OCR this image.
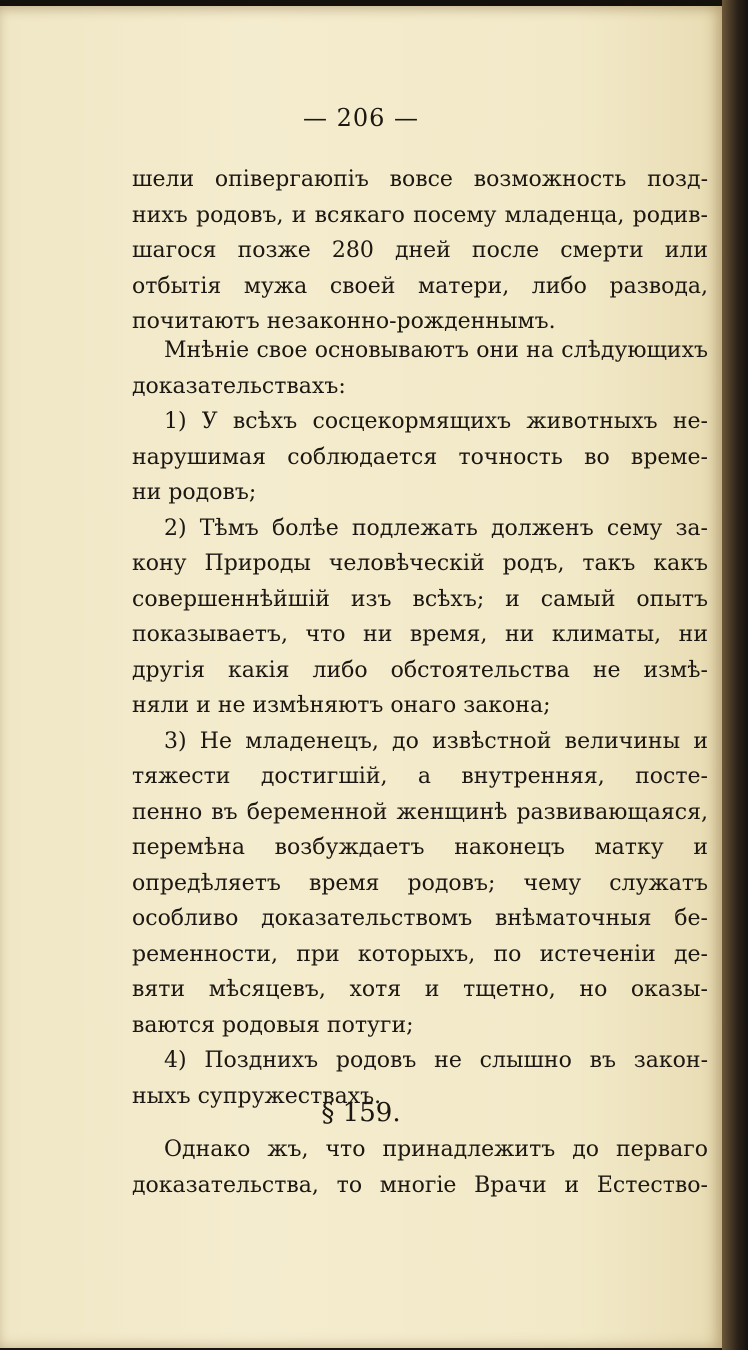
— 206 —
шели опівергаюпіъ вовсе возможность позд-
нихъ родовъ, и всякаго посему младенца, родив-
шагося позже 280 дней после смерти или
отбытія мужа своей матери, либо развода,
почитаютъ незаконно-рожденнымъ.
Мнѣніе свое основываютъ они на слѣдующихъ
доказательствахъ:
1) У всѣхъ сосцекормящихъ животныхъ не-
нарушимая соблюдается точность во време-
ни родовъ;
2) Тѣмъ болѣе подлежать долженъ сему за-
кону Природы человѣческій родъ, такъ какъ
совершеннѣйшій изъ всѣхъ; и самый опытъ
показываетъ, что ни время, ни климаты, ни
другія какія либо обстоятельства не измѣ-
няли и не измѣняютъ онаго закона;
3) Не младенецъ, до извѣстной величины и
тяжести достигшій, а внутренняя, посте-
пенно въ беременной женщинѣ развивающаяся,
перемѣна возбуждаетъ наконецъ матку и
опредѣляетъ время родовъ; чему служатъ
особливо доказательствомъ внѣматочныя бе-
ременности, при которыхъ, по истеченіи де-
вяти мѣсяцевъ, хотя и тщетно, но оказы-
ваются родовыя потуги;
4) Позднихъ родовъ не слышно въ закон-
ныхъ супружествахъ.
§ 159.
Однако жъ, что принадлежитъ до перваго
доказательства, то многіе Врачи и Естество-
